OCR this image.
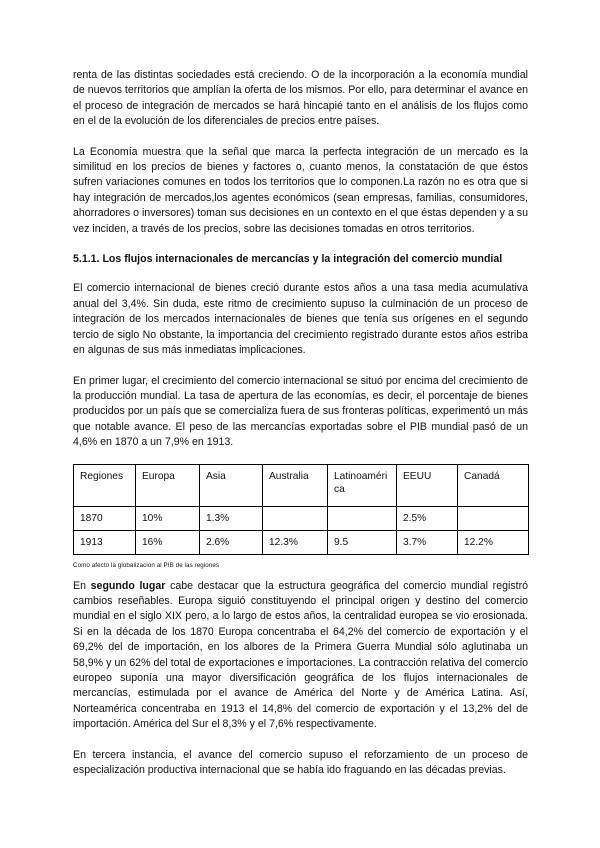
renta de las distintas sociedades está creciendo. O de la incorporación a la economía mundial de nuevos territorios que amplían la oferta de los mismos. Por ello, para determinar el avance en el proceso de integración de mercados se hará hincapié tanto en el análisis de los flujos como en el de la evolución de los diferenciales de precios entre países.

La Economía muestra que la señal que marca la perfecta integración de un mercado es la similitud en los precios de bienes y factores o, cuanto menos, la constatación de que éstos sufren variaciones comunes en todos los territorios que lo componen.La razón no es otra que si hay integración de mercados,los agentes económicos (sean empresas, familias, consumidores, ahorradores o inversores) toman sus decisiones en un contexto en el que éstas dependen y a su vez inciden, a través de los precios, sobre las decisiones tomadas en otros territorios.

5.1.1. Los flujos internacionales de mercancías y la integración del comercio mundial

El comercio internacional de bienes creció durante estos años a una tasa media acumulativa anual del 3,4%. Sin duda, este ritmo de crecimiento supuso la culminación de un proceso de integración de los mercados internacionales de bienes que tenía sus orígenes en el segundo tercio de siglo No obstante, la importancia del crecimiento registrado durante estos años estriba en algunas de sus más inmediatas implicaciones.

En primer lugar, el crecimiento del comercio internacional se situó por encima del crecimiento de la producción mundial. La tasa de apertura de las economías, es decir, el porcentaje de bienes producidos por un país que se comercializa fuera de sus fronteras políticas, experimentó un más que notable avance. El peso de las mercancías exportadas sobre el PIB mundial pasó de un 4,6% en 1870 a un 7,9% en 1913.

Regiones	Europa	Asia	Australia	Latinoaméri ca	EEUU	Canadá
1870	10%	1.3%			2.5%	
1913	16%	2.6%	12.3%	9.5	3.7%	12.2%

Como afecto la globalizacion al PIB de las regiones

En segundo lugar cabe destacar que la estructura geográfica del comercio mundial registró cambios reseñables. Europa siguió constituyendo el principal origen y destino del comercio mundial en el siglo XIX pero, a lo largo de estos años, la centralidad europea se vio erosionada. Si en la década de los 1870 Europa concentraba el 64,2% del comercio de exportación y el 69,2% del de importación, en los albores de la Primera Guerra Mundial sólo aglutinaba un 58,9% y un 62% del total de exportaciones e importaciones. La contracción relativa del comercio europeo suponía una mayor diversificación geográfica de los flujos internacionales de mercancías, estimulada por el avance de América del Norte y de América Latina. Así, Norteamérica concentraba en 1913 el 14,8% del comercio de exportación y el 13,2% del de importación. América del Sur el 8,3% y el 7,6% respectivamente.

En tercera instancia, el avance del comercio supuso el reforzamiento de un proceso de especialización productiva internacional que se había ido fraguando en las décadas previas.
